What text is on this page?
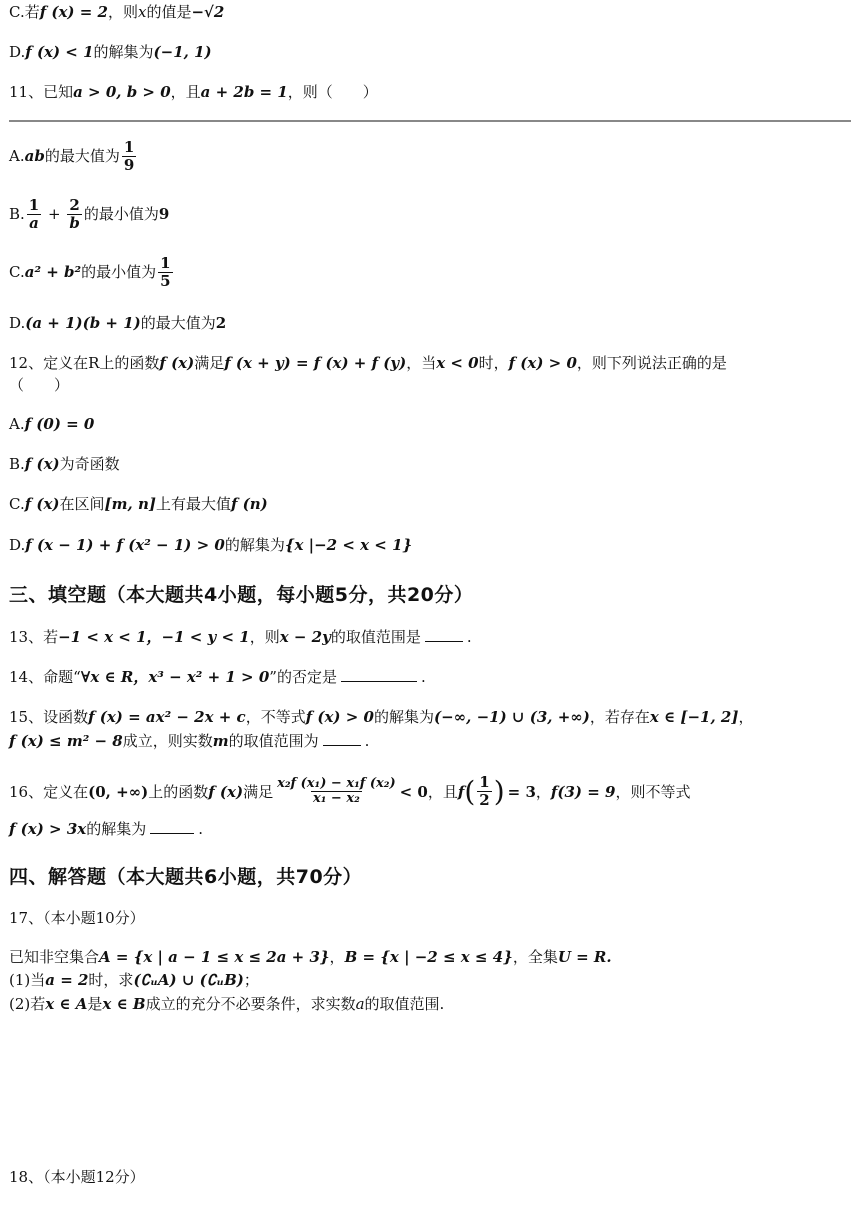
C.若f (x) = 2，则x的值是−√2
D.f (x) < 1的解集为(−1, 1)
11、已知a > 0, b > 0，且a + 2b = 1，则（　　）
A.ab的最大值为 $\frac{1}{9}$
B. $\frac{1}{a} + \frac{2}{b}$ 的最小值为9
C.a² + b²的最小值为 $\frac{1}{5}$
D.(a + 1)(b + 1)的最大值为2
12、定义在R上的函数f (x)满足f (x + y) = f (x) + f (y)，当x < 0时，f (x) > 0，则下列说法正确的是
（　　）
A.f (0) = 0
B.f (x)为奇函数
C.f (x)在区间[m, n]上有最大值f (n)
D.f (x − 1) + f (x² − 1) > 0的解集为{x |−2 < x < 1}
三、填空题（本大题共4小题，每小题5分，共20分）
13、若−1 < x < 1，−1 < y < 1，则x − 2y的取值范围是	.
14、命题“∀x ∈ R，x³ − x² + 1 > 0”的否定是	.
15、设函数f (x) = ax² − 2x + c，不等式f (x) > 0的解集为(−∞, −1) ∪ (3, +∞)，若存在x ∈ [−1, 2]，
f (x) ≤ m² − 8成立，则实数m的取值范围为	.
16、定义在 (0, +∞) 上的函数 f (x) 满足 $\frac{\text{x₂f (x₁) − x₁f (x₂)}}{\text{x₁ − x₂}} < 0$ ，且 f ( $\frac{1}{2}$ ) = 3 ， f(3) = 9 ，则不等式
f (x) > 3x的解集为	.
四、解答题（本大题共6小题，共70分）
17、（本小题10分）
已知非空集合A = {x | a − 1 ≤ x ≤ 2a + 3}，B = {x | −2 ≤ x ≤ 4}，全集U = R.
(1)当a = 2时，求(∁ᵤA) ∪ (∁ᵤB)；
(2)若x ∈ A是x ∈ B成立的充分不必要条件，求实数a的取值范围.
18、（本小题12分）
